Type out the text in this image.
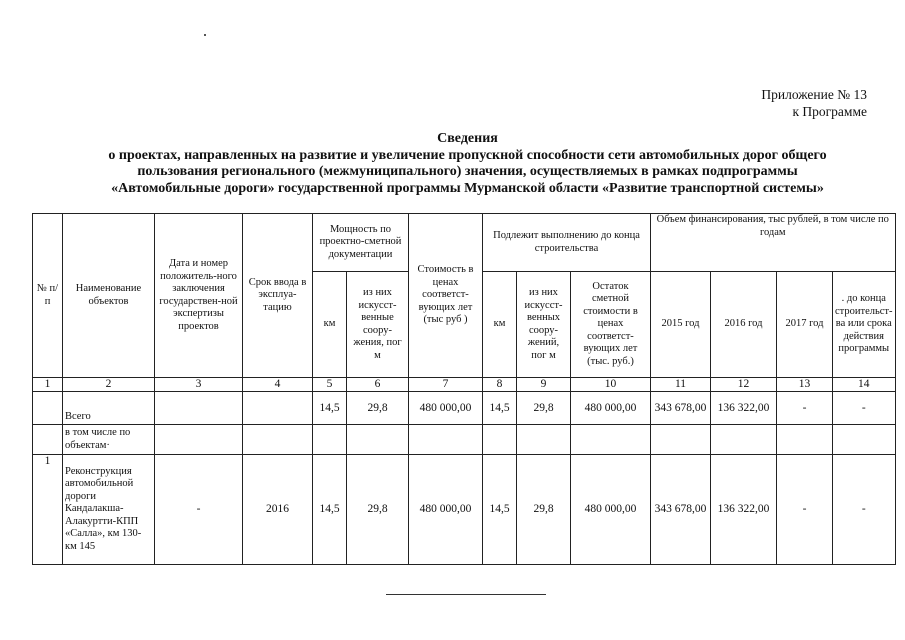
Приложение № 13
к Программе
Сведения
о проектах, направленных на развитие и увеличение пропускной способности сети автомобильных дорог общего
пользования регионального (межмуниципального) значения, осуществляемых в рамках подпрограммы
«Автомобильные дороги» государственной программы Мурманской области «Развитие транспортной системы»
№ п/п	Наименование объектов	Дата и номер положитель-ного заключения государствен-ной экспертизы проектов	Срок ввода в эксплуа-тацию	Мощность по проектно-сметной документации		Стоимость в ценах соответст-вующих лет (тыс руб )	Подлежит выполнению до конца строительства			Объем финансирования, тыс рублей, в том числе по годам			
				км	из них искусст-венные соору-жения, пог м		км	из них искусст-венных соору-жений, пог м	Остаток сметной стоимости в ценах соответст-вующих лет (тыс. руб.)	2015 год	2016 год	2017 год	. до конца строительст-ва или срока действия программы
1	2	3	4	5	6	7	8	9	10	11	12	13	14
	Всего			14,5	29,8	480 000,00	14,5	29,8	480 000,00	343 678,00	136 322,00	-	-
	в том числе по объектам·												
1	Реконструкция автомобильной дороги Кандалакша-Алакуртти-КПП «Салла», км 130-км 145	-	2016	14,5	29,8	480 000,00	14,5	29,8	480 000,00	343 678,00	136 322,00	-	-
